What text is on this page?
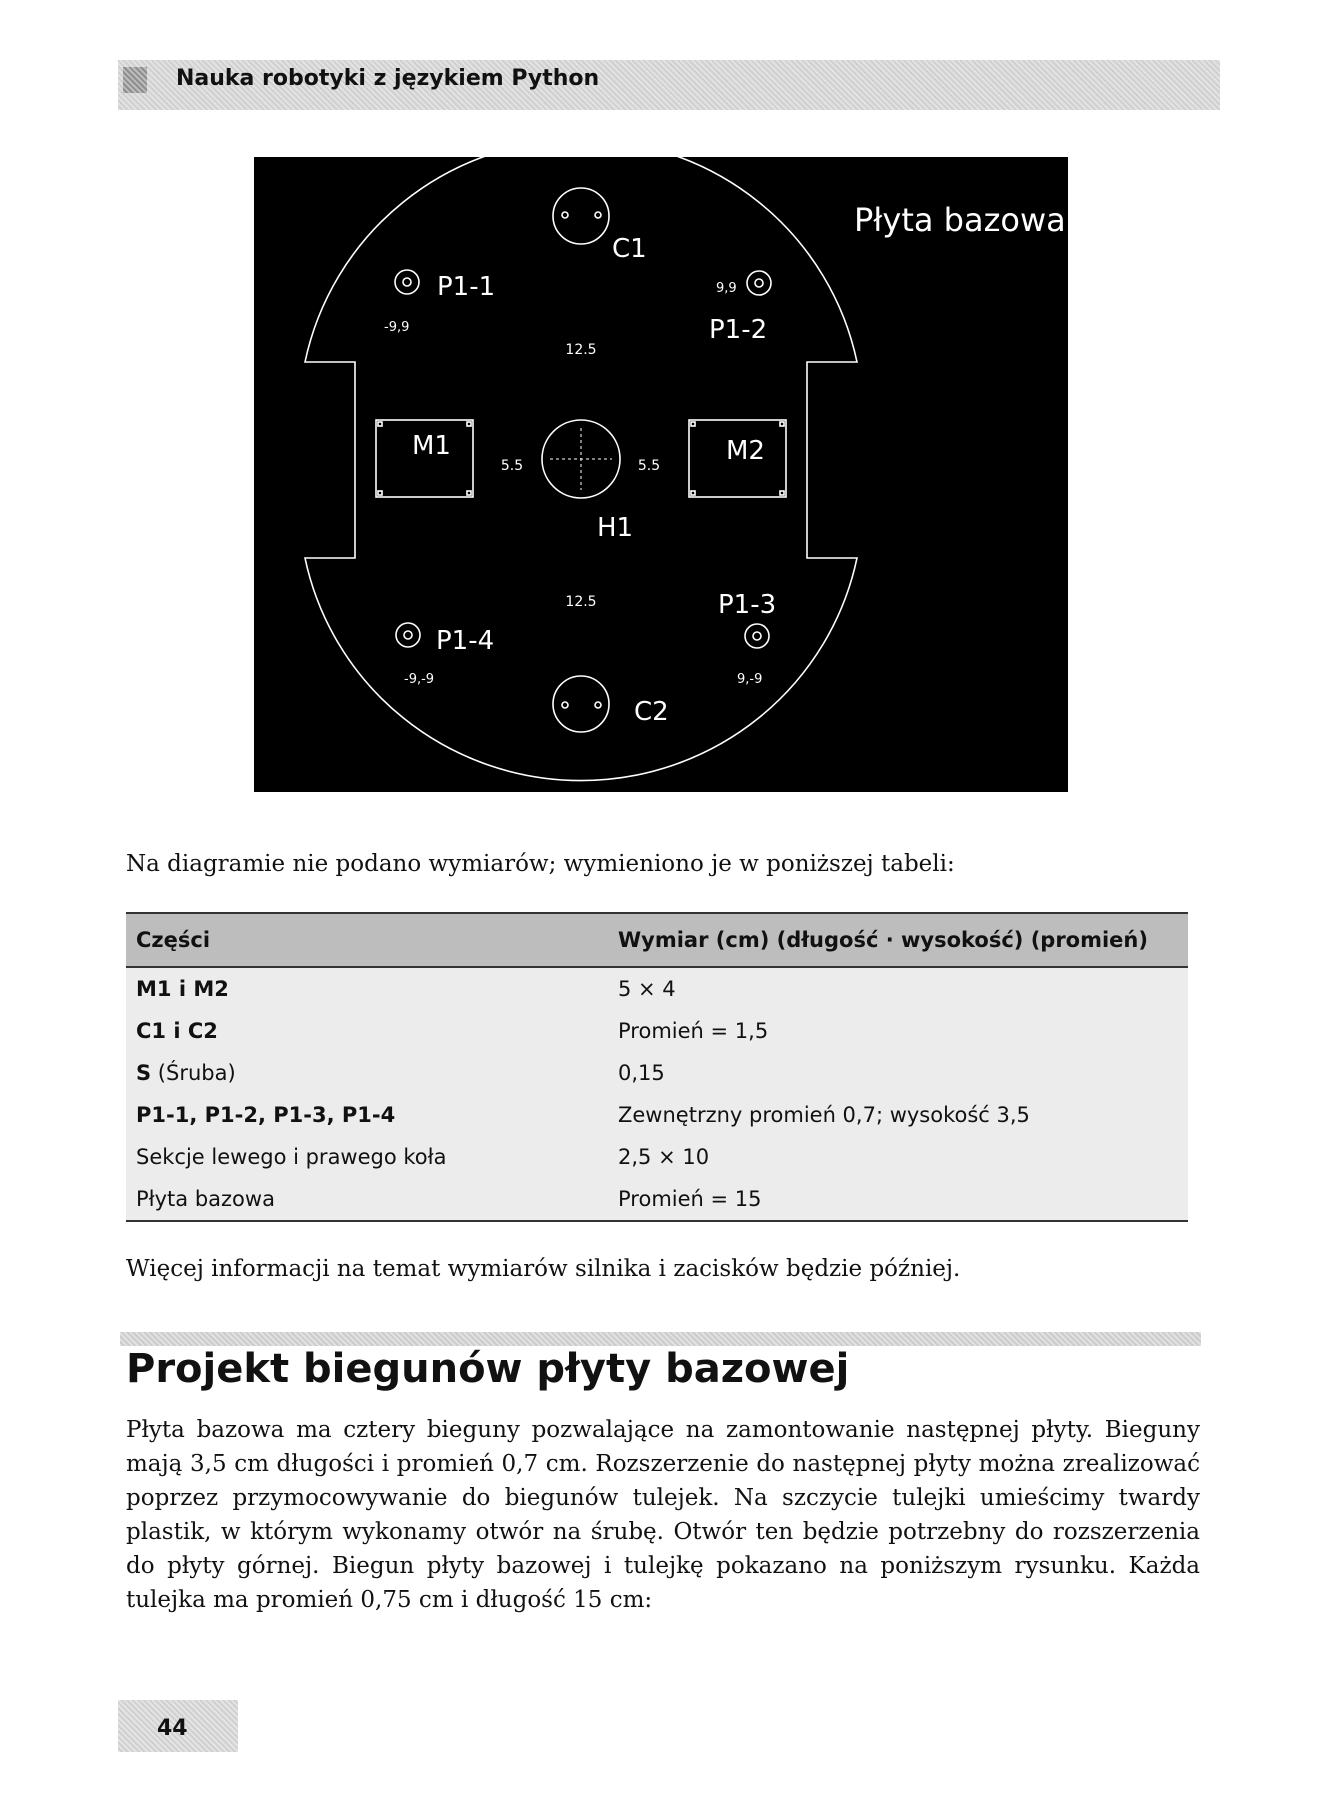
Nauka robotyki z językiem Python
Płyta bazowa
C1
C2
P1-1
P1-2
P1-3
P1-4
M1	M2
H1
-9,9
9,9
9,-9
-9,-9
12.5
12.5
5.5	5.5

Na diagramie nie podano wymiarów; wymieniono je w poniższej tabeli:

Części	Wymiar (cm) (długość · wysokość) (promień)
M1 i M2	5 × 4
C1 i C2	Promień = 1,5
S (Śruba)	0,15
P1-1, P1-2, P1-3, P1-4	Zewnętrzny promień 0,7; wysokość 3,5
Sekcje lewego i prawego koła	2,5 × 10
Płyta bazowa	Promień = 15

Więcej informacji na temat wymiarów silnika i zacisków będzie później.

Projekt biegunów płyty bazowej

Płyta bazowa ma cztery bieguny pozwalające na zamontowanie następnej płyty. Bieguny mają 3,5 cm długości i promień 0,7 cm. Rozszerzenie do następnej płyty można zrealizować poprzez przymocowywanie do biegunów tulejek. Na szczycie tulejki umieścimy twardy plastik, w którym wykonamy otwór na śrubę. Otwór ten będzie potrzebny do rozszerzenia do płyty górnej. Biegun płyty bazowej i tulejkę pokazano na poniższym rysunku. Każda tulejka ma promień 0,75 cm i długość 15 cm:

44
